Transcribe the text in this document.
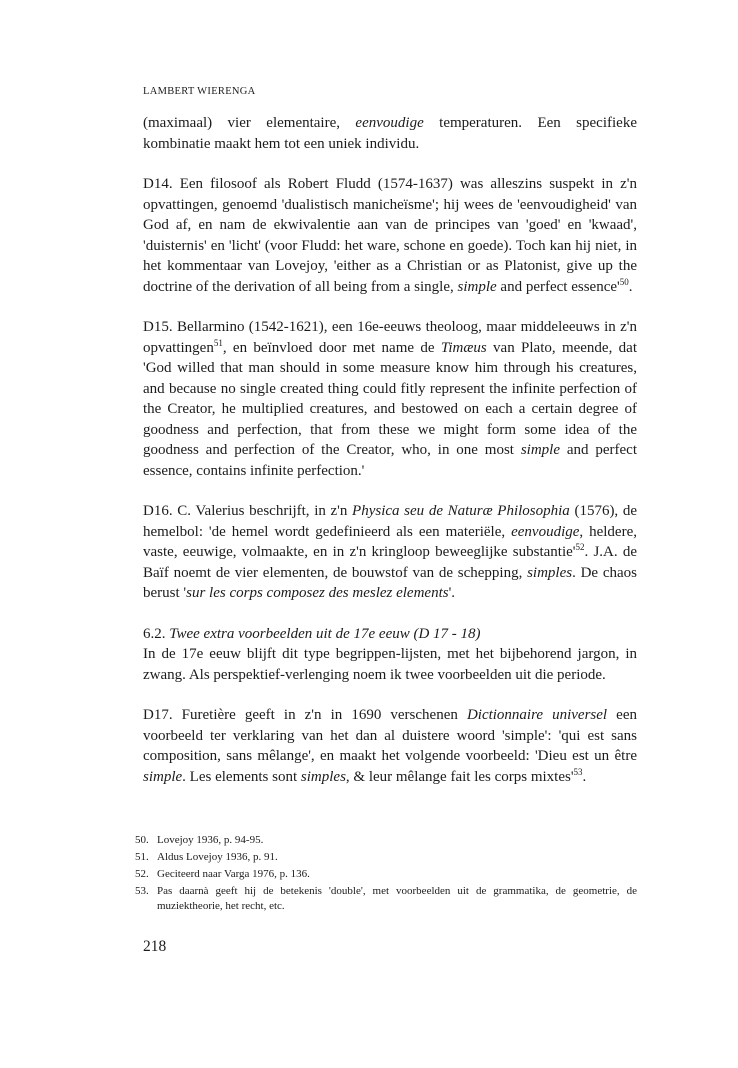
LAMBERT WIERENGA

(maximaal) vier elementaire, eenvoudige temperaturen. Een specifieke kombinatie maakt hem tot een uniek individu.

D14. Een filosoof als Robert Fludd (1574-1637) was alleszins suspekt in z'n opvattingen, genoemd 'dualistisch manicheïsme'; hij wees de 'eenvoudigheid' van God af, en nam de ekwivalentie aan van de principes van 'goed' en 'kwaad', 'duisternis' en 'licht' (voor Fludd: het ware, schone en goede). Toch kan hij niet, in het kommentaar van Lovejoy, 'either as a Christian or as Platonist, give up the doctrine of the derivation of all being from a single, simple and perfect $essence'^{50}$.

D15. Bellarmino (1542-1621), een 16e-eeuws theoloog, maar middeleeuws in z'n opvattingen$^{51}$, en beïnvloed door met name de Timæus van Plato, meende, dat 'God willed that man should in some measure know him through his creatures, and because no single created thing could fitly represent the infinite perfection of the Creator, he multiplied creatures, and bestowed on each a certain degree of goodness and perfection, that from these we might form some idea of the goodness and perfection of the Creator, who, in one most simple and perfect essence, contains infinite perfection.'

D16. C. Valerius beschrijft, in z'n Physica seu de Naturæ Philosophia (1576), de hemelbol: 'de hemel wordt gedefinieerd als een materiële, eenvoudige, heldere, vaste, eeuwige, volmaakte, en in z'n kringloop beweeglijke $substantie'^{52}$. J.A. de Baïf noemt de vier elementen, de bouwstof van de schepping, simples. De chaos berust 'sur les corps composez des meslez elements'.

6.2. Twee extra voorbeelden uit de 17e eeuw (D 17 - 18)
In de 17e eeuw blijft dit type begrippen-lijsten, met het bijbehorend jargon, in zwang. Als perspektief-verlenging noem ik twee voorbeelden uit die periode.

D17. Furetière geeft in z'n in 1690 verschenen Dictionnaire universel een voorbeeld ter verklaring van het dan al duistere woord 'simple': 'qui est sans composition, sans mêlange', en maakt het volgende voorbeeld: 'Dieu est un être simple. Les elements sont simples, & leur mêlange fait les corps $mixtes'^{53}$.

50. Lovejoy 1936, p. 94-95.
51. Aldus Lovejoy 1936, p. 91.
52. Geciteerd naar Varga 1976, p. 136.
53. Pas daarnà geeft hij de betekenis 'double', met voorbeelden uit de grammatika, de geometrie, de muziektheorie, het recht, etc.
218
